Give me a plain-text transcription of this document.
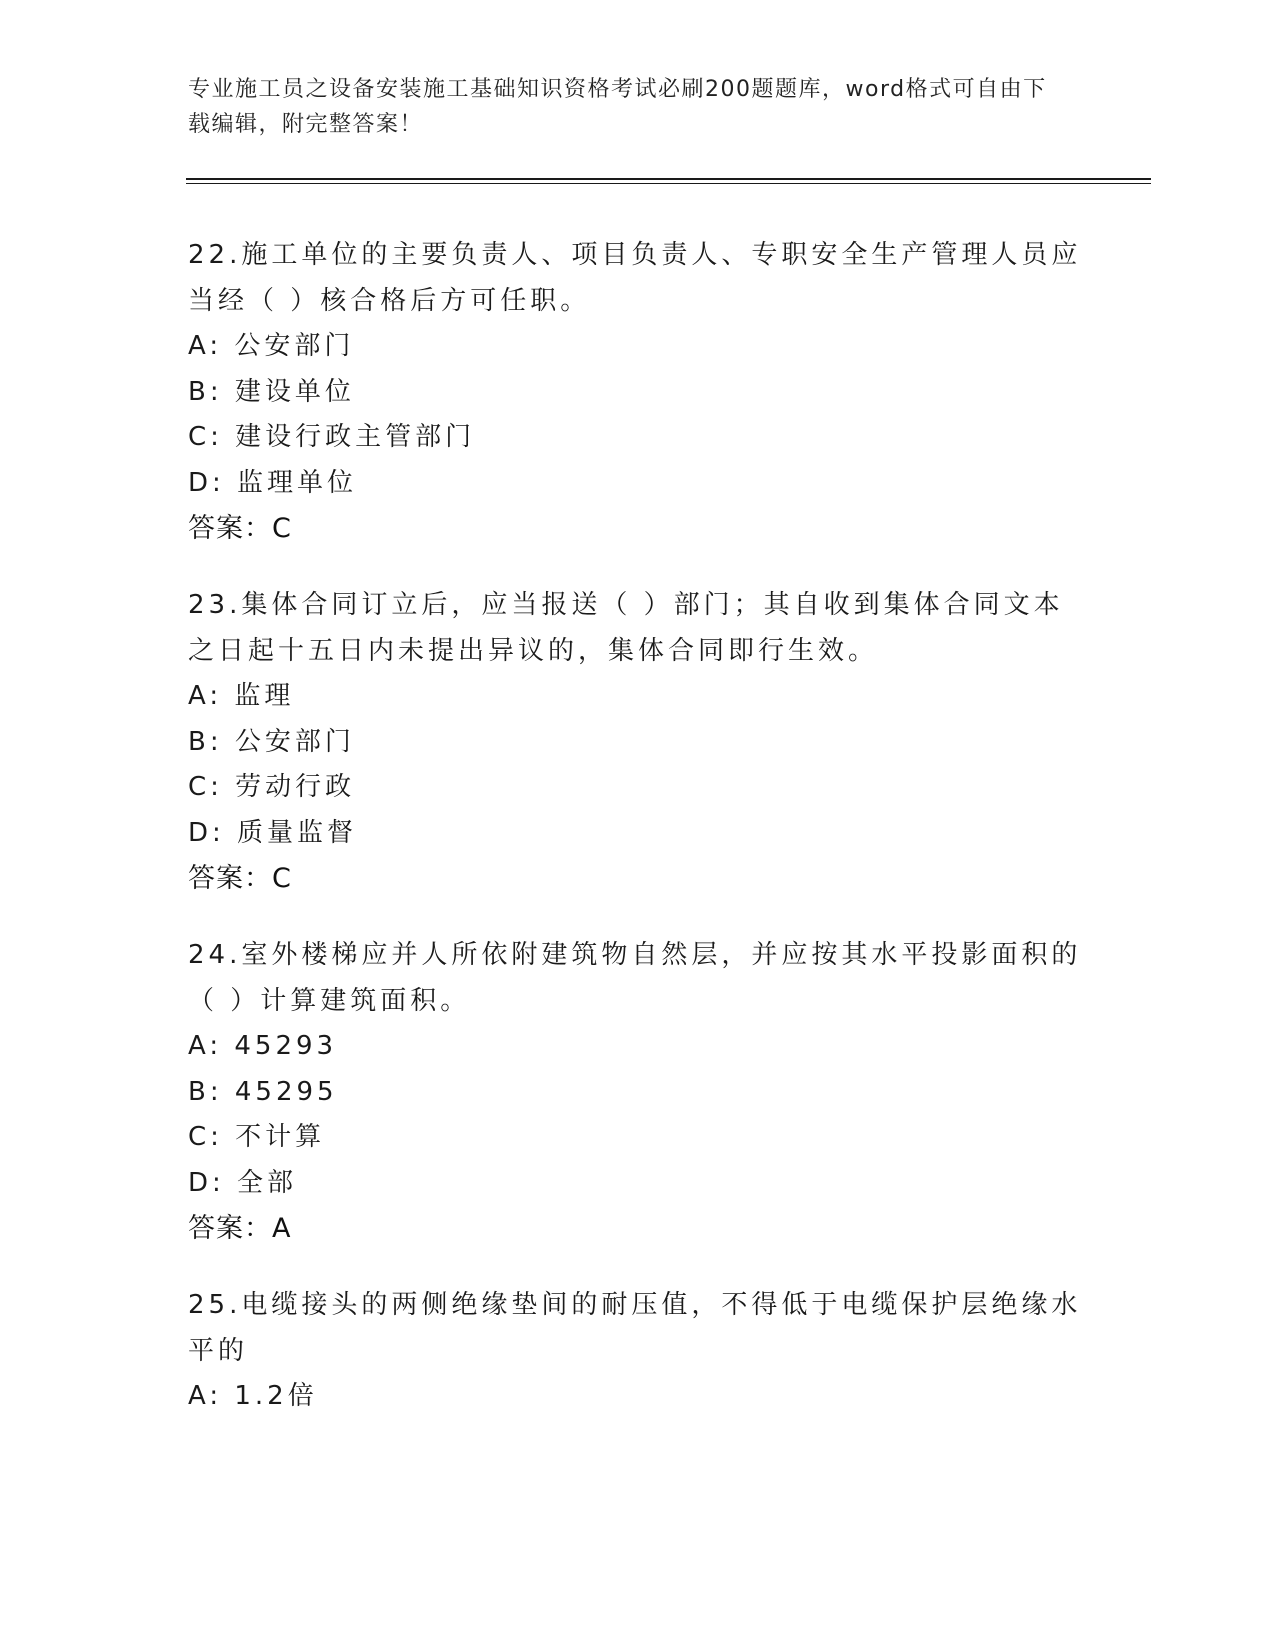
专业施工员之设备安装施工基础知识资格考试必刷200题题库，word格式可自由下载编辑，附完整答案！
22.施工单位的主要负责人、项目负责人、专职安全生产管理人员应当经（ ）核合格后方可任职。
A: 公安部门
B: 建设单位
C: 建设行政主管部门
D: 监理单位
答案：C
23.集体合同订立后，应当报送（ ）部门；其自收到集体合同文本之日起十五日内未提出异议的，集体合同即行生效。
A: 监理
B: 公安部门
C: 劳动行政
D: 质量监督
答案：C
24.室外楼梯应并人所依附建筑物自然层，并应按其水平投影面积的（ ）计算建筑面积。
A: 45293
B: 45295
C: 不计算
D: 全部
答案：A
25.电缆接头的两侧绝缘垫间的耐压值，不得低于电缆保护层绝缘水平的
A: 1.2倍
